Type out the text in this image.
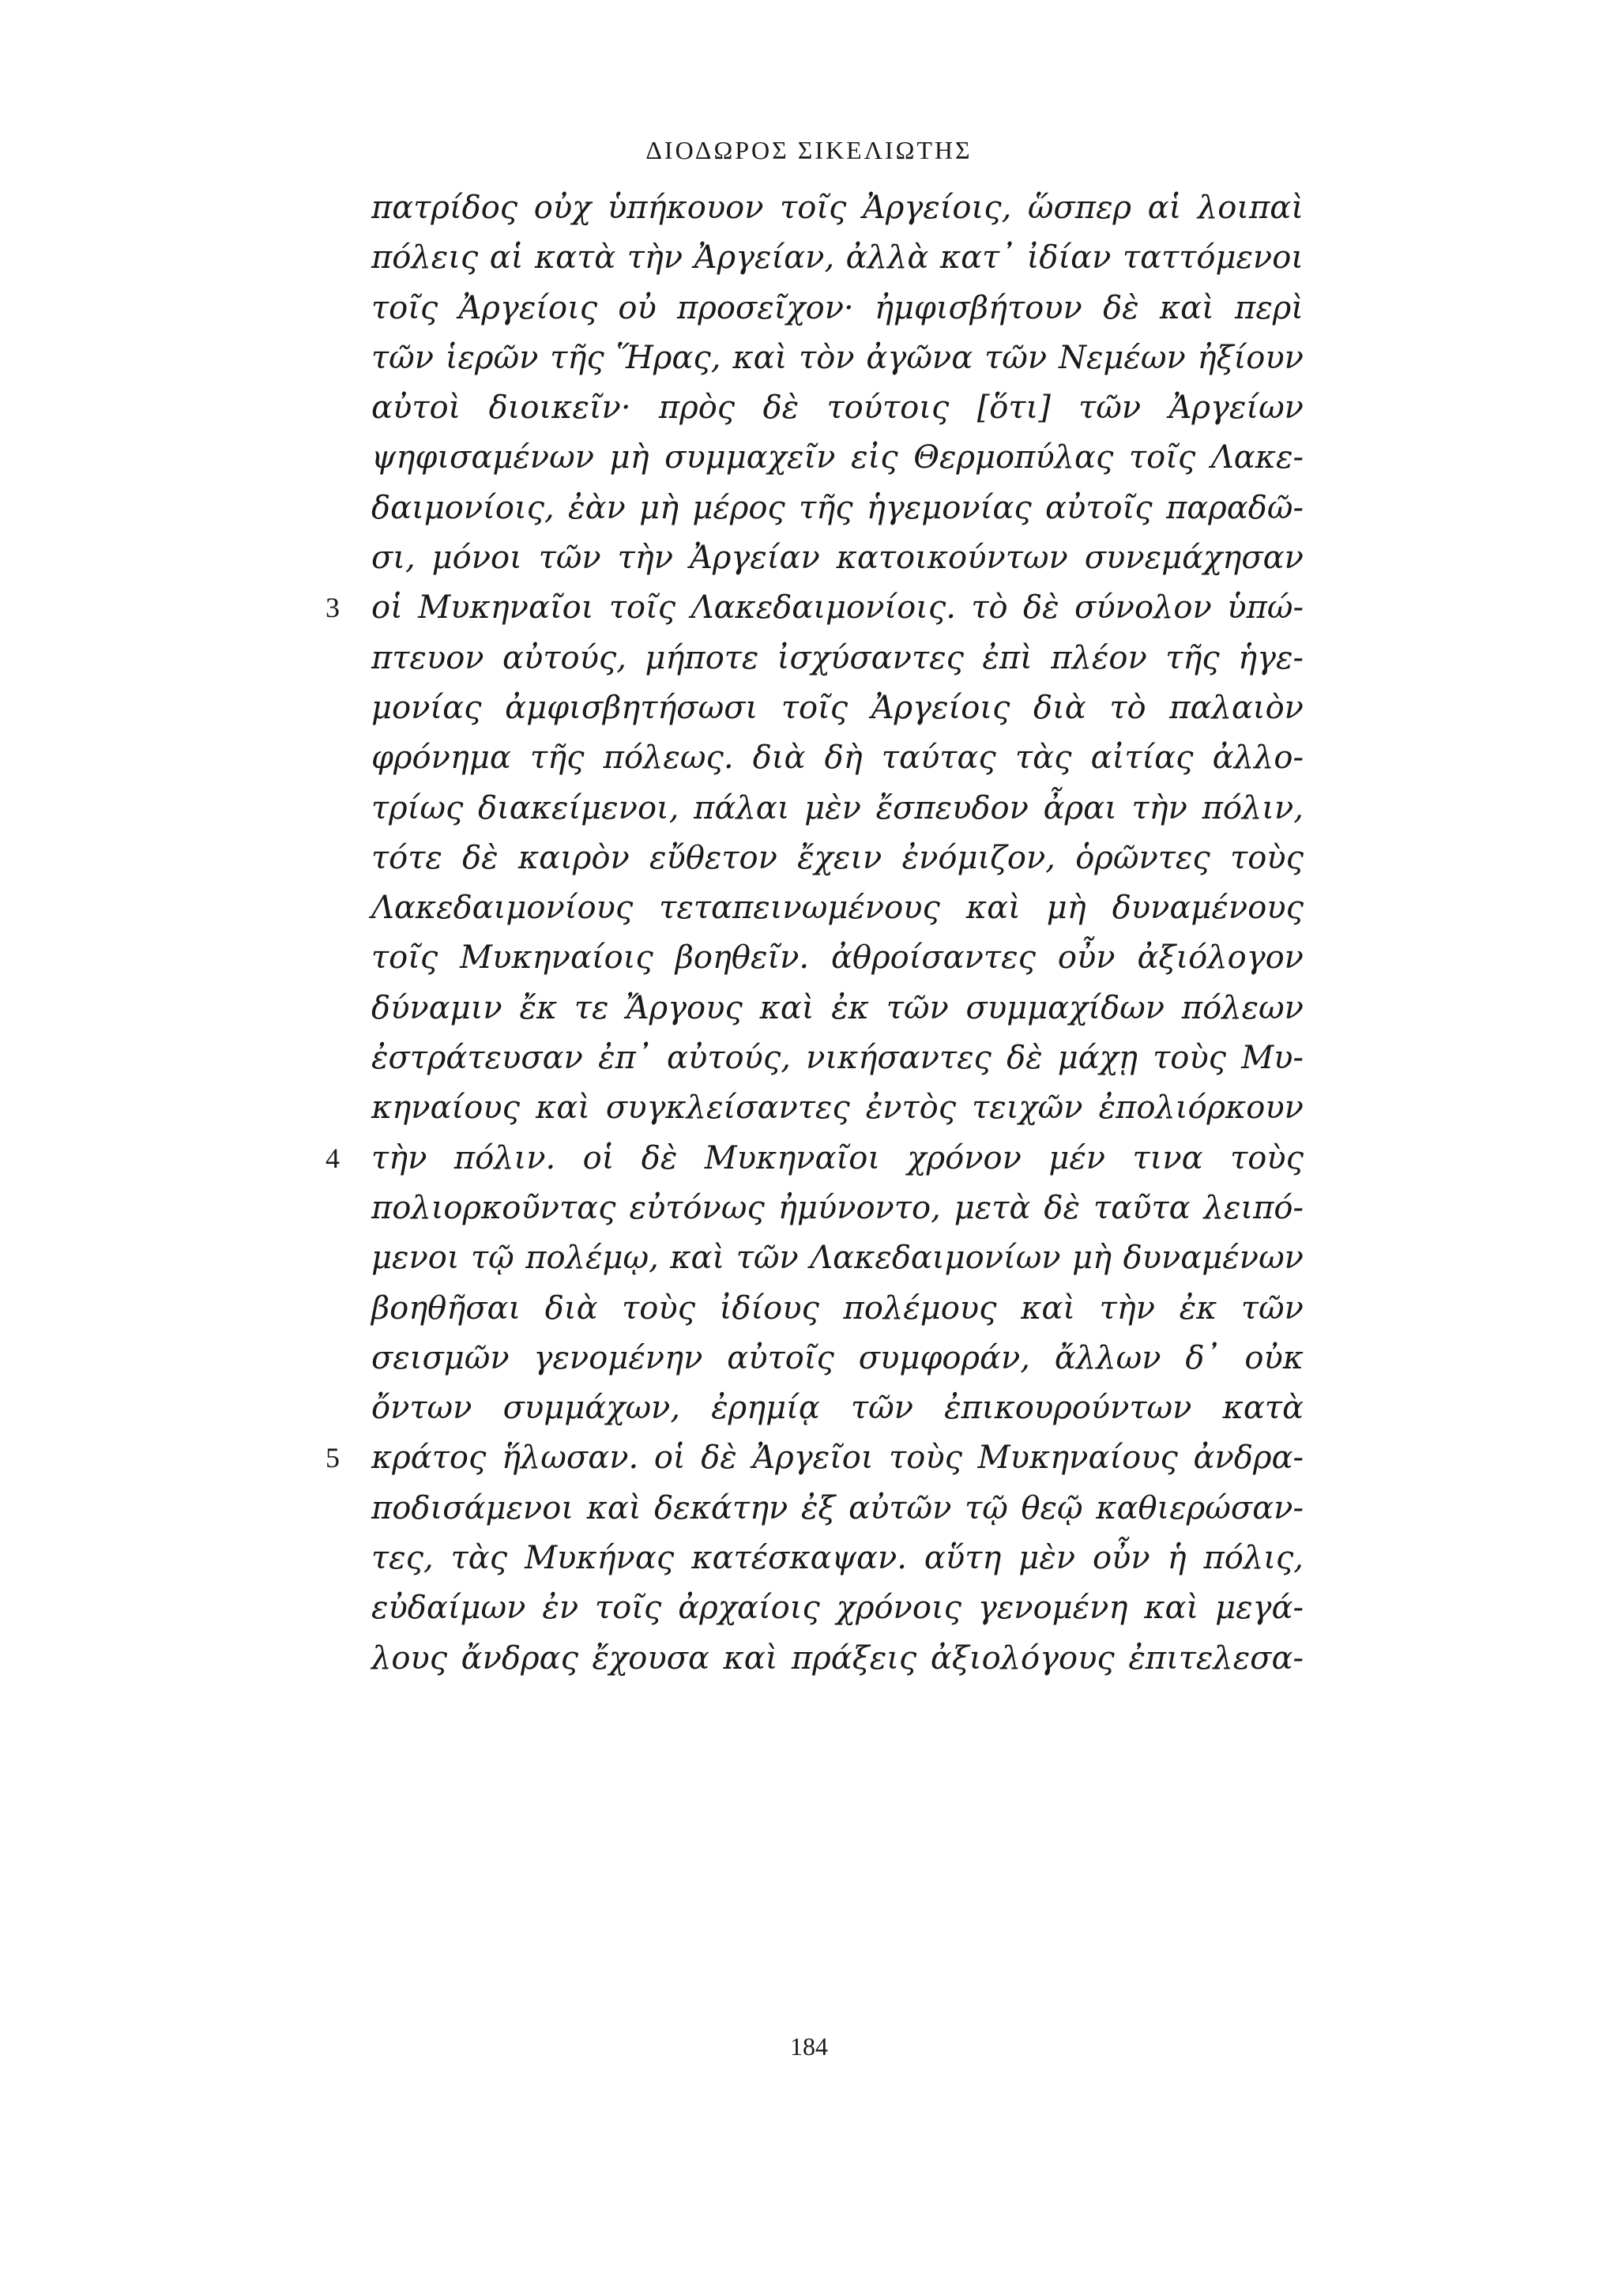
ΔΙΟΔΩΡΟΣ ΣΙΚΕΛΙΩΤΗΣ
πατρίδος οὐχ ὑπήκουον τοῖς Ἀργείοις, ὥσπερ αἱ λοιπαὶ
πόλεις αἱ κατὰ τὴν Ἀργείαν, ἀλλὰ κατ᾽ ἰδίαν ταττόμενοι
τοῖς Ἀργείοις οὐ προσεῖχον· ἠμφισβήτουν δὲ καὶ περὶ
τῶν ἱερῶν τῆς Ἥρας, καὶ τὸν ἀγῶνα τῶν Νεμέων ἠξίουν
αὐτοὶ διοικεῖν· πρὸς δὲ τούτοις [ὅτι] τῶν Ἀργείων
ψηφισαμένων μὴ συμμαχεῖν εἰς Θερμοπύλας τοῖς Λακε-
δαιμονίοις, ἐὰν μὴ μέρος τῆς ἡγεμονίας αὐτοῖς παραδῶ-
σι, μόνοι τῶν τὴν Ἀργείαν κατοικούντων συνεμάχησαν
3	οἱ Μυκηναῖοι τοῖς Λακεδαιμονίοις. τὸ δὲ σύνολον ὑπώ-
πτευον αὐτούς, μήποτε ἰσχύσαντες ἐπὶ πλέον τῆς ἡγε-
μονίας ἀμφισβητήσωσι τοῖς Ἀργείοις διὰ τὸ παλαιὸν
φρόνημα τῆς πόλεως. διὰ δὴ ταύτας τὰς αἰτίας ἀλλο-
τρίως διακείμενοι, πάλαι μὲν ἔσπευδον ἆραι τὴν πόλιν,
τότε δὲ καιρὸν εὔθετον ἔχειν ἐνόμιζον, ὁρῶντες τοὺς
Λακεδαιμονίους τεταπεινωμένους καὶ μὴ δυναμένους
τοῖς Μυκηναίοις βοηθεῖν. ἀθροίσαντες οὖν ἀξιόλογον
δύναμιν ἔκ τε Ἄργους καὶ ἐκ τῶν συμμαχίδων πόλεων
ἐστράτευσαν ἐπ᾽ αὐτούς, νικήσαντες δὲ μάχῃ τοὺς Μυ-
κηναίους καὶ συγκλείσαντες ἐντὸς τειχῶν ἐπολιόρκουν
4	τὴν πόλιν. οἱ δὲ Μυκηναῖοι χρόνον μέν τινα τοὺς
πολιορκοῦντας εὐτόνως ἠμύνοντο, μετὰ δὲ ταῦτα λειπό-
μενοι τῷ πολέμῳ, καὶ τῶν Λακεδαιμονίων μὴ δυναμένων
βοηθῆσαι διὰ τοὺς ἰδίους πολέμους καὶ τὴν ἐκ τῶν
σεισμῶν γενομένην αὐτοῖς συμφοράν, ἄλλων δ᾽ οὐκ
ὄντων συμμάχων, ἐρημίᾳ τῶν ἐπικουρούντων κατὰ
5	κράτος ἥλωσαν. οἱ δὲ Ἀργεῖοι τοὺς Μυκηναίους ἀνδρα-
ποδισάμενοι καὶ δεκάτην ἐξ αὐτῶν τῷ θεῷ καθιερώσαν-
τες, τὰς Μυκήνας κατέσκαψαν. αὕτη μὲν οὖν ἡ πόλις,
εὐδαίμων ἐν τοῖς ἀρχαίοις χρόνοις γενομένη καὶ μεγά-
λους ἄνδρας ἔχουσα καὶ πράξεις ἀξιολόγους ἐπιτελεσα-
184
